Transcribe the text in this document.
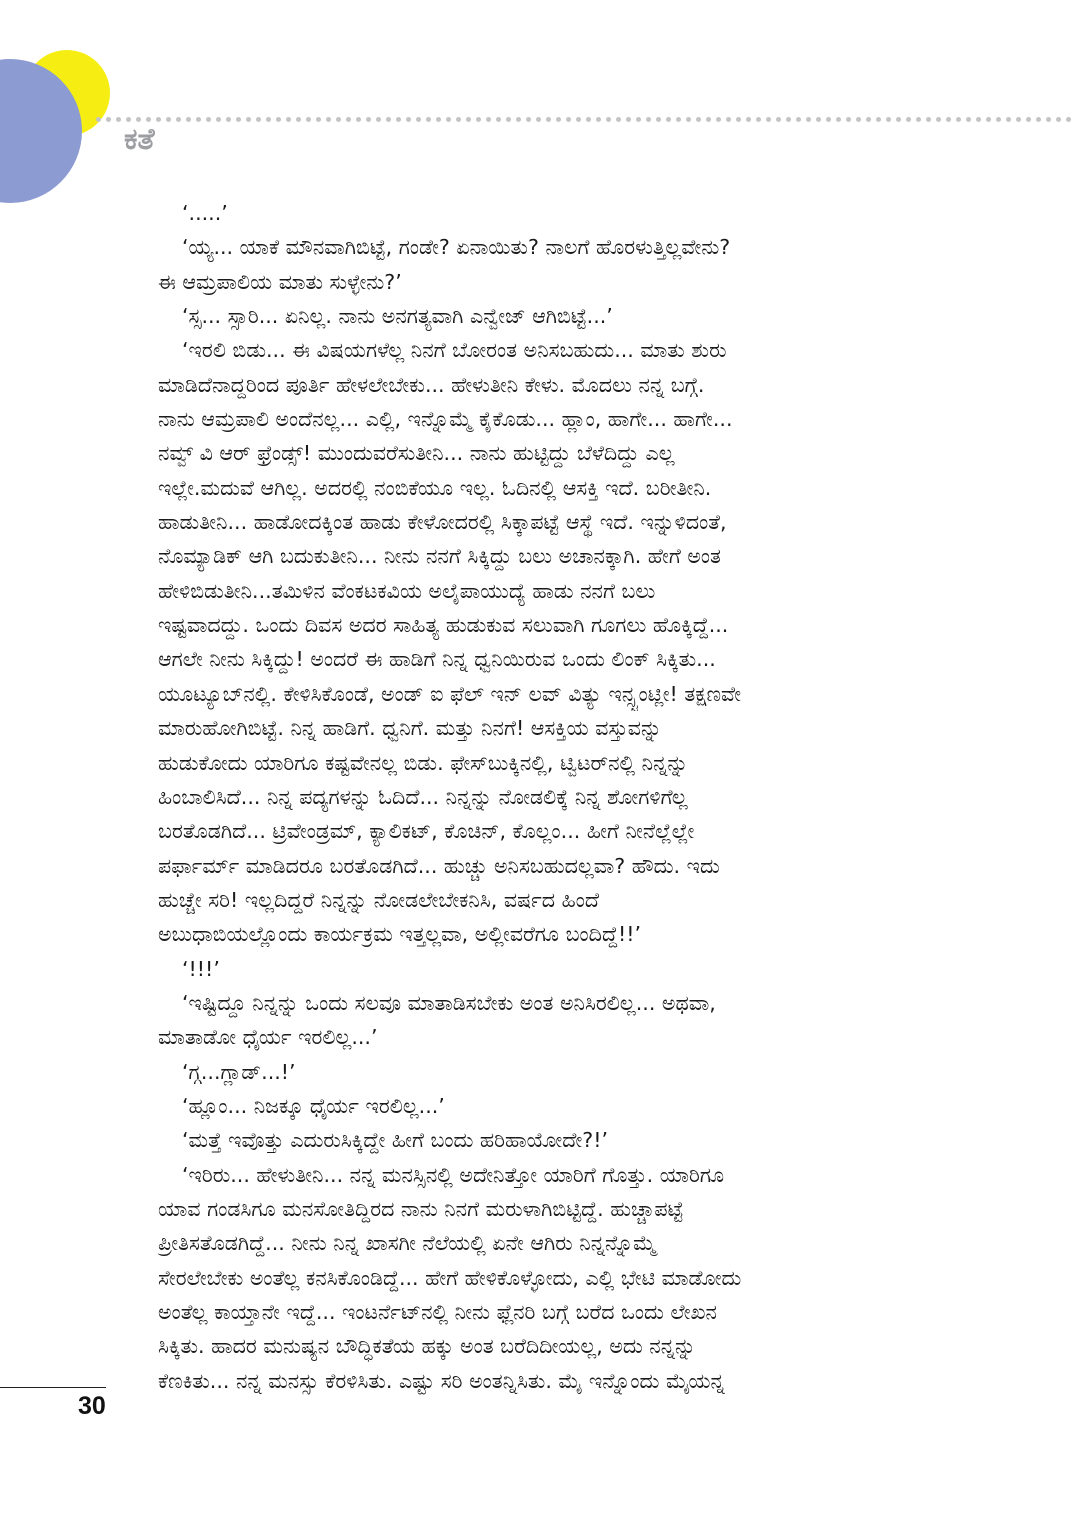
ಕತೆ
‘.....’
‘ಯ್ಯ... ಯಾಕೆ ಮೌನವಾಗಿಬಿಟ್ಟೆ, ಗಂಡೇ? ಏನಾಯಿತು? ನಾಲಗೆ ಹೊರಳುತ್ತಿಲ್ಲವೇನು?
ಈ ಆಮ್ರಪಾಲಿಯ ಮಾತು ಸುಳ್ಳೇನು?’
‘ಸ್ಸ... ಸ್ಸಾರಿ... ಏನಿಲ್ಲ. ನಾನು ಅನಗತ್ಯವಾಗಿ ಎನ್ವೇಜ್ ಆಗಿಬಿಟ್ಟೆ...’
‘ಇರಲಿ ಬಿಡು... ಈ ವಿಷಯಗಳೆಲ್ಲ ನಿನಗೆ ಬೋರಂತ ಅನಿಸಬಹುದು... ಮಾತು ಶುರು
ಮಾಡಿದೆನಾದ್ದರಿಂದ ಪೂರ್ತಿ ಹೇಳಲೇಬೇಕು... ಹೇಳುತೀನಿ ಕೇಳು. ಮೊದಲು ನನ್ನ ಬಗ್ಗೆ.
ನಾನು ಆಮ್ರಪಾಲಿ ಅಂದೆನಲ್ಲ... ಎಲ್ಲಿ, ಇನ್ನೊಮ್ಮೆ ಕೈಕೊಡು... ಹ್ಲಾಂ, ಹಾಗೇ... ಹಾಗೇ...
ನವ್ವ್ ವಿ ಆರ್ ಫ್ರೆಂಡ್ಸ್! ಮುಂದುವರೆಸುತೀನಿ... ನಾನು ಹುಟ್ಟಿದ್ದು ಬೆಳೆದಿದ್ದು ಎಲ್ಲ
ಇಲ್ಲೇ.ಮದುವೆ ಆಗಿಲ್ಲ. ಅದರಲ್ಲಿ ನಂಬಿಕೆಯೂ ಇಲ್ಲ. ಓದಿನಲ್ಲಿ ಆಸಕ್ತಿ ಇದೆ. ಬರೀತೀನಿ.
ಹಾಡುತೀನಿ... ಹಾಡೋದಕ್ಕಿಂತ ಹಾಡು ಕೇಳೋದರಲ್ಲಿ ಸಿಕ್ಕಾಪಟ್ಟೆ ಆಸ್ಥೆ ಇದೆ. ಇನ್ನುಳಿದಂತೆ,
ನೊಮ್ಯಾಡಿಕ್ ಆಗಿ ಬದುಕುತೀನಿ... ನೀನು ನನಗೆ ಸಿಕ್ಕಿದ್ದು ಬಲು ಅಚಾನಕ್ಕಾಗಿ. ಹೇಗೆ ಅಂತ
ಹೇಳಿಬಿಡುತೀನಿ...ತಮಿಳಿನ ವೆಂಕಟಕವಿಯ ಅಲೈಪಾಯುದ್ಯೆ ಹಾಡು ನನಗೆ ಬಲು
ಇಷ್ಟವಾದದ್ದು. ಒಂದು ದಿವಸ ಅದರ ಸಾಹಿತ್ಯ ಹುಡುಕುವ ಸಲುವಾಗಿ ಗೂಗಲು ಹೊಕ್ಕಿದ್ದೆ...
ಆಗಲೇ ನೀನು ಸಿಕ್ಕಿದ್ದು! ಅಂದರೆ ಈ ಹಾಡಿಗೆ ನಿನ್ನ ಧ್ವನಿಯಿರುವ ಒಂದು ಲಿಂಕ್ ಸಿಕ್ಕಿತು...
ಯೂಟ್ಯೂಬ್‌ನಲ್ಲಿ. ಕೇಳಿಸಿಕೊಂಡೆ, ಅಂಡ್ ಐ ಫೆಲ್ ಇನ್ ಲವ್ ವಿತ್ಯು ಇನ್ಸ್ಟಂಟ್ಲೀ! ತಕ್ಷಣವೇ
ಮಾರುಹೋಗಿಬಿಟ್ಟೆ. ನಿನ್ನ ಹಾಡಿಗೆ. ಧ್ವನಿಗೆ. ಮತ್ತು ನಿನಗೆ! ಆಸಕ್ತಿಯ ವಸ್ತುವನ್ನು
ಹುಡುಕೋದು ಯಾರಿಗೂ ಕಷ್ಟವೇನಲ್ಲ ಬಿಡು. ಫೇಸ್‌ಬುಕ್ಕಿನಲ್ಲಿ, ಟ್ವಿಟರ್‌ನಲ್ಲಿ ನಿನ್ನನ್ನು
ಹಿಂಬಾಲಿಸಿದೆ... ನಿನ್ನ ಪದ್ಯಗಳನ್ನು ಓದಿದೆ... ನಿನ್ನನ್ನು ನೋಡಲಿಕ್ಕೆ ನಿನ್ನ ಶೋಗಳಿಗೆಲ್ಲ
ಬರತೊಡಗಿದೆ... ಟ್ರಿವೇಂಡ್ರಮ್, ಕ್ಯಾಲಿಕಟ್, ಕೊಚಿನ್, ಕೊಲ್ಲಂ... ಹೀಗೆ ನೀನೆಲ್ಲೆಲ್ಲೇ
ಪರ್ಫಾರ್ಮ್ ಮಾಡಿದರೂ ಬರತೊಡಗಿದೆ... ಹುಚ್ಚು ಅನಿಸಬಹುದಲ್ಲವಾ? ಹೌದು. ಇದು
ಹುಚ್ಚೇ ಸರಿ! ಇಲ್ಲದಿದ್ದರೆ ನಿನ್ನನ್ನು ನೋಡಲೇಬೇಕನಿಸಿ, ವರ್ಷದ ಹಿಂದೆ
ಅಬುಧಾಬಿಯಲ್ಲೊಂದು ಕಾರ್ಯಕ್ರಮ ಇತ್ತಲ್ಲವಾ, ಅಲ್ಲೀವರೆಗೂ ಬಂದಿದ್ದೆ!!’
‘!!!’
‘ಇಷ್ಟಿದ್ದೂ ನಿನ್ನನ್ನು ಒಂದು ಸಲವೂ ಮಾತಾಡಿಸಬೇಕು ಅಂತ ಅನಿಸಿರಲಿಲ್ಲ... ಅಥವಾ,
ಮಾತಾಡೋ ಧೈರ್ಯ ಇರಲಿಲ್ಲ...’
‘ಗ್ಗ...ಗ್ಲಾಡ್...!’
‘ಹ್ಲೂಂ... ನಿಜಕ್ಕೂ ಧೈರ್ಯ ಇರಲಿಲ್ಲ...’
‘ಮತ್ತೆ ಇವೊತ್ತು ಎದುರುಸಿಕ್ಕಿದ್ದೇ ಹೀಗೆ ಬಂದು ಹರಿಹಾಯೋದೇ?!’
‘ಇರಿರು... ಹೇಳುತೀನಿ... ನನ್ನ ಮನಸ್ಸಿನಲ್ಲಿ ಅದೇನಿತ್ತೋ ಯಾರಿಗೆ ಗೊತ್ತು. ಯಾರಿಗೂ
ಯಾವ ಗಂಡಸಿಗೂ ಮನಸೋತಿದ್ದಿರದ ನಾನು ನಿನಗೆ ಮರುಳಾಗಿಬಿಟ್ಟಿದ್ದೆ. ಹುಚ್ಚಾಪಟ್ಟೆ
ಪ್ರೀತಿಸತೊಡಗಿದ್ದೆ... ನೀನು ನಿನ್ನ ಖಾಸಗೀ ನೆಲೆಯಲ್ಲಿ ಏನೇ ಆಗಿರು ನಿನ್ನನ್ನೊಮ್ಮೆ
ಸೇರಲೇಬೇಕು ಅಂತೆಲ್ಲ ಕನಸಿಕೊಂಡಿದ್ದೆ... ಹೇಗೆ ಹೇಳಿಕೊಳ್ಳೋದು, ಎಲ್ಲಿ ಭೇಟಿ ಮಾಡೋದು
ಅಂತೆಲ್ಲ ಕಾಯ್ತಾನೇ ಇದ್ದೆ... ಇಂಟರ್ನೆಟ್‌ನಲ್ಲಿ ನೀನು ಫ್ಲೆನರಿ ಬಗ್ಗೆ ಬರೆದ ಒಂದು ಲೇಖನ
ಸಿಕ್ಕಿತು. ಹಾದರ ಮನುಷ್ಯನ ಬೌದ್ಧಿಕತೆಯ ಹಕ್ಕು ಅಂತ ಬರೆದಿದೀಯಲ್ಲ, ಅದು ನನ್ನನ್ನು
ಕೆಣಕಿತು... ನನ್ನ ಮನಸ್ಸು ಕೆರಳಿಸಿತು. ಎಷ್ಟು ಸರಿ ಅಂತನ್ನಿಸಿತು. ಮೈ ಇನ್ನೊಂದು ಮೈಯನ್ನ
30
